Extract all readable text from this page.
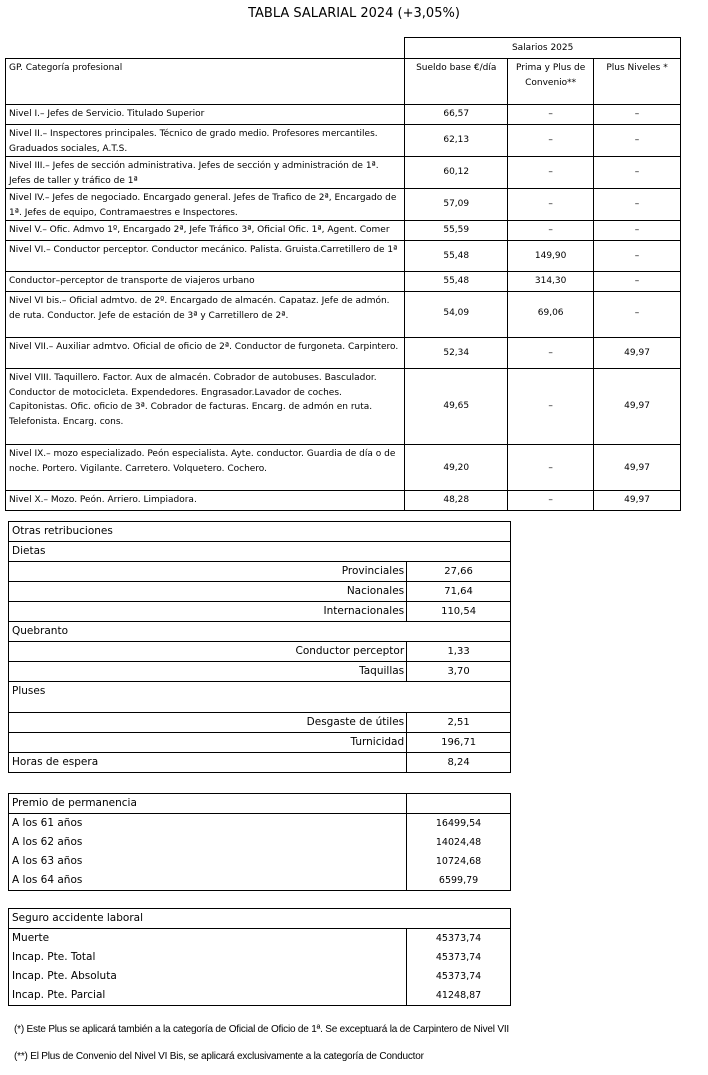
TABLA SALARIAL 2024 (+3,05%)
	Salarios 2025		
GP. Categoría profesional	Sueldo base €/día	Prima y Plus de Convenio**	Plus Niveles *
Nivel I.– Jefes de Servicio. Titulado Superior	66,57	–	–
Nivel II.– Inspectores principales. Técnico de grado medio. Profesores mercantiles. Graduados sociales, A.T.S.	62,13	–	–
Nivel III.– Jefes de sección administrativa. Jefes de sección y administración de 1ª. Jefes de taller y tráfico de 1ª	60,12	–	–
Nivel IV.– Jefes de negociado. Encargado general. Jefes de Trafico de 2ª, Encargado de 1ª. Jefes de equipo, Contramaestres e Inspectores.	57,09	–	–
Nivel V.– Ofic. Admvo 1º, Encargado 2ª, Jefe Tráfico 3ª, Oficial Ofic. 1ª, Agent. Comer	55,59	–	–
Nivel VI.– Conductor perceptor. Conductor mecánico. Palista. Gruista.Carretillero de 1ª	55,48	149,90	–
Conductor–perceptor de transporte de viajeros urbano	55,48	314,30	–
Nivel VI bis.– Oficial admtvo. de 2º. Encargado de almacén. Capataz. Jefe de admón. de ruta. Conductor. Jefe de estación de 3ª y Carretillero de 2ª.	54,09	69,06	–
Nivel VII.– Auxiliar admtvo. Oficial de oficio de 2ª. Conductor de furgoneta. Carpintero.	52,34	–	49,97
Nivel VIII. Taquillero. Factor. Aux de almacén. Cobrador de autobuses. Basculador. Conductor de motocicleta. Expendedores. Engrasador.Lavador de coches. Capitonistas. Ofic. oficio de 3ª. Cobrador de facturas. Encarg. de admón en ruta. Telefonista. Encarg. cons.	49,65	–	49,97
Nivel IX.– mozo especializado. Peón especialista. Ayte. conductor. Guardia de día o de noche. Portero. Vigilante. Carretero. Volquetero. Cochero.	49,20	–	49,97
Nivel X.– Mozo. Peón. Arriero. Limpiadora.	48,28	–	49,97
Otras retribuciones	
Dietas	
Provinciales	27,66
Nacionales	71,64
Internacionales	110,54
Quebranto	
Conductor perceptor	1,33
Taquillas	3,70
Pluses	
Desgaste de útiles	2,51
Turnicidad	196,71
Horas de espera	8,24
Premio de permanencia	
A los 61 años	16499,54
A los 62 años	14024,48
A los 63 años	10724,68
A los 64 años	6599,79
Seguro accidente laboral	
Muerte	45373,74
Incap. Pte. Total	45373,74
Incap. Pte. Absoluta	45373,74
Incap. Pte. Parcial	41248,87
(*) Este Plus se aplicará también a la categoría de Oficial de Oficio de 1ª. Se exceptuará la de Carpintero de Nivel VII
(**) El Plus de Convenio del Nivel VI Bis, se aplicará exclusivamente a la categoría de Conductor
